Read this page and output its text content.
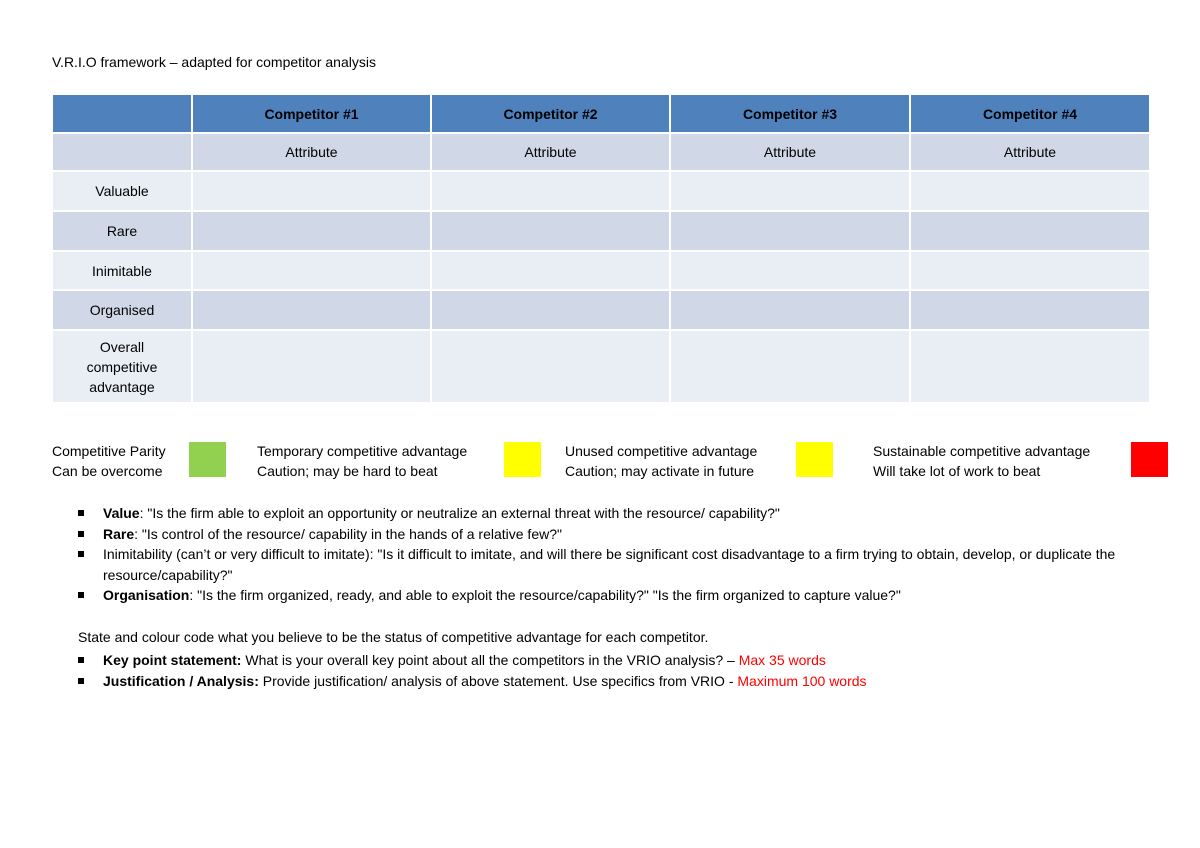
V.R.I.O framework – adapted for competitor analysis
	Competitor #1	Competitor #2	Competitor #3	Competitor #4
	Attribute	Attribute	Attribute	Attribute
Valuable				
Rare				
Inimitable				
Organised				

Overall
competitive
advantage				

Competitive Parity
Can be overcome
Temporary competitive advantage
Caution; may be hard to beat
Unused competitive advantage
Caution; may activate in future
Sustainable competitive advantage
Will take lot of work to beat
Value: "Is the firm able to exploit an opportunity or neutralize an external threat with the resource/ capability?"
Rare: "Is control of the resource/ capability in the hands of a relative few?"
Inimitability (can’t or very difficult to imitate): "Is it difficult to imitate, and will there be significant cost disadvantage to a firm trying to obtain, develop, or duplicate the resource/capability?"
Organisation: "Is the firm organized, ready, and able to exploit the resource/capability?" "Is the firm organized to capture value?"
State and colour code what you believe to be the status of competitive advantage for each competitor.
Key point statement: What is your overall key point about all the competitors in the VRIO analysis? – Max 35 words
Justification / Analysis: Provide justification/ analysis of above statement. Use specifics from VRIO - Maximum 100 words
